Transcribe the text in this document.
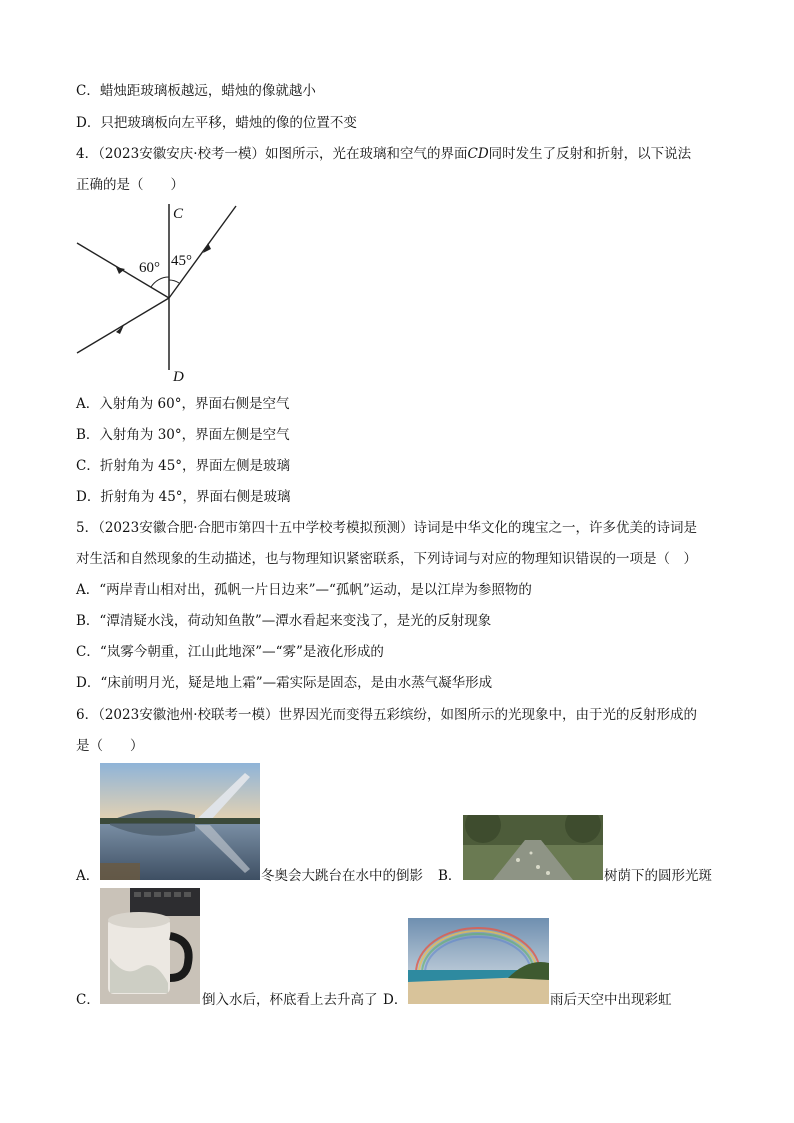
C．蜡烛距玻璃板越远，蜡烛的像就越小
D．只把玻璃板向左平移，蜡烛的像的位置不变
4．（2023安徽安庆·校考一模）如图所示，光在玻璃和空气的界面CD同时发生了反射和折射，以下说法
正确的是（　　）
C
D
60° 45°
A．入射角为 60°，界面右侧是空气
B．入射角为 30°，界面左侧是空气
C．折射角为 45°，界面左侧是玻璃
D．折射角为 45°，界面右侧是玻璃
5．（2023安徽合肥·合肥市第四十五中学校考模拟预测）诗词是中华文化的瑰宝之一，许多优美的诗词是
对生活和自然现象的生动描述，也与物理知识紧密联系，下列诗词与对应的物理知识错误的一项是（　）
A．“两岸青山相对出，孤帆一片日边来”—“孤帆”运动，是以江岸为参照物的
B．“潭清疑水浅，荷动知鱼散”—潭水看起来变浅了，是光的反射现象
C．“岚雾今朝重，江山此地深”—“雾”是液化形成的
D．“床前明月光，疑是地上霜”—霜实际是固态，是由水蒸气凝华形成
6．（2023安徽池州·校联考一模）世界因光而变得五彩缤纷，如图所示的光现象中，由于光的反射形成的
是（　　）
A．	冬奥会大跳台在水中的倒影 B．	树荫下的圆形光斑
C．	倒入水后，杯底看上去升高了 D．	雨后天空中出现彩虹
